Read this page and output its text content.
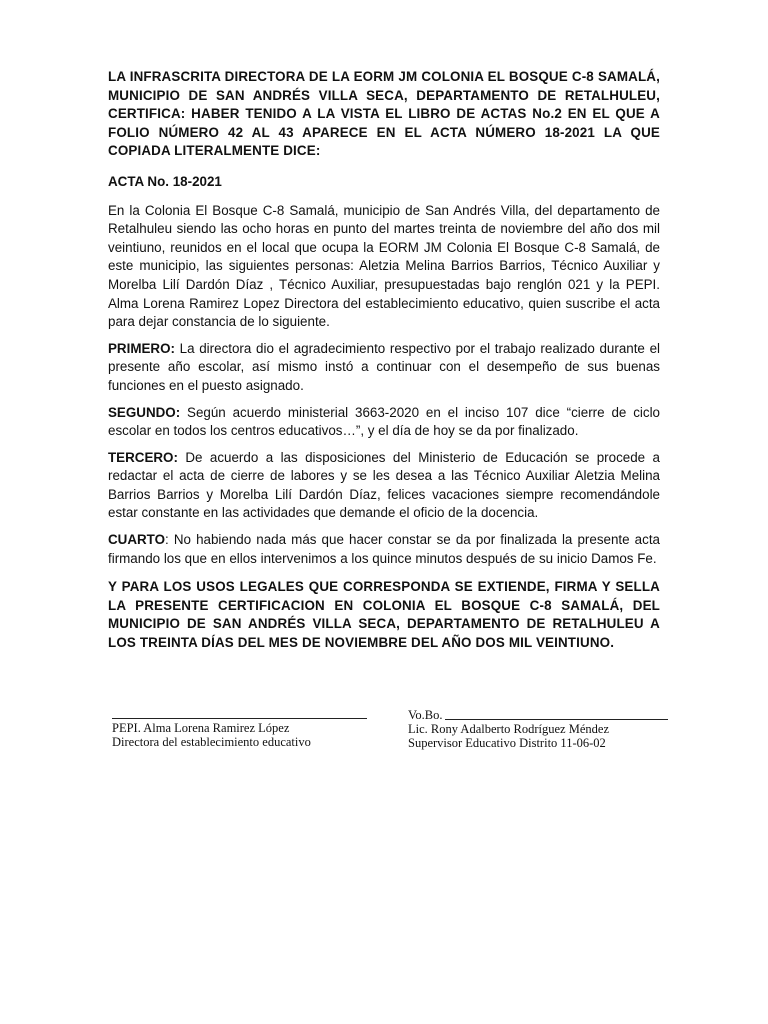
LA INFRASCRITA DIRECTORA DE LA EORM JM COLONIA EL BOSQUE C-8 SAMALÁ, MUNICIPIO DE SAN ANDRÉS VILLA SECA, DEPARTAMENTO DE RETALHULEU, CERTIFICA: HABER TENIDO A LA VISTA EL LIBRO DE ACTAS No.2 EN EL QUE A FOLIO NÚMERO 42 AL 43 APARECE EN EL ACTA NÚMERO 18-2021 LA QUE COPIADA LITERALMENTE DICE:

ACTA No. 18-2021

En la Colonia El Bosque C-8 Samalá, municipio de San Andrés Villa, del departamento de Retalhuleu siendo las ocho horas en punto del martes treinta de noviembre del año dos mil veintiuno, reunidos en el local que ocupa la EORM JM Colonia El Bosque C-8 Samalá, de este municipio, las siguientes personas: Aletzia Melina Barrios Barrios, Técnico Auxiliar y Morelba Lilí Dardón Díaz , Técnico Auxiliar, presupuestadas bajo renglón 021 y la PEPI. Alma Lorena Ramirez Lopez Directora del establecimiento educativo, quien suscribe el acta para dejar constancia de lo siguiente.

PRIMERO: La directora dio el agradecimiento respectivo por el trabajo realizado durante el presente año escolar, así mismo instó a continuar con el desempeño de sus buenas funciones en el puesto asignado.

SEGUNDO: Según acuerdo ministerial 3663-2020 en el inciso 107 dice “cierre de ciclo escolar en todos los centros educativos…”, y el día de hoy se da por finalizado.

TERCERO: De acuerdo a las disposiciones del Ministerio de Educación se procede a redactar el acta de cierre de labores y se les desea a las Técnico Auxiliar Aletzia Melina Barrios Barrios y Morelba Lilí Dardón Díaz, felices vacaciones siempre recomendándole estar constante en las actividades que demande el oficio de la docencia.

CUARTO: No habiendo nada más que hacer constar se da por finalizada la presente acta firmando los que en ellos intervenimos a los quince minutos después de su inicio Damos Fe.

Y PARA LOS USOS LEGALES QUE CORRESPONDA SE EXTIENDE, FIRMA Y SELLA LA PRESENTE CERTIFICACION EN COLONIA EL BOSQUE C-8 SAMALÁ, DEL MUNICIPIO DE SAN ANDRÉS VILLA SECA, DEPARTAMENTO DE RETALHULEU A LOS TREINTA DÍAS DEL MES DE NOVIEMBRE DEL AÑO DOS MIL VEINTIUNO.

PEPI. Alma Lorena Ramirez López
Directora del establecimiento educativo
Vo.Bo.
Lic. Rony Adalberto Rodríguez Méndez
Supervisor Educativo Distrito 11-06-02
